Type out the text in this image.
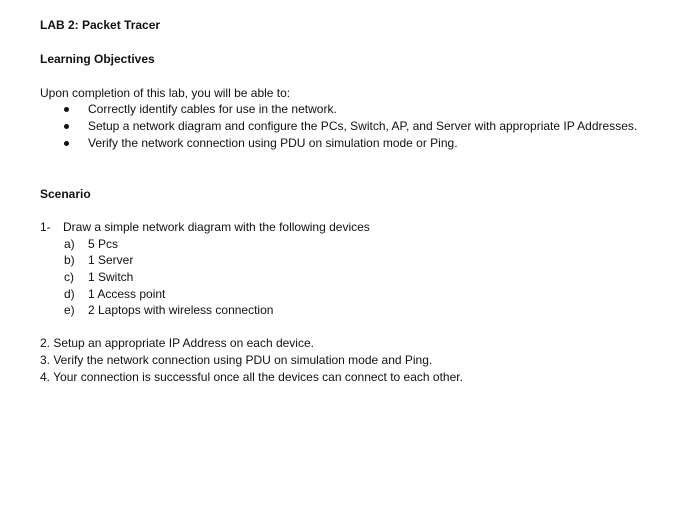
LAB 2: Packet Tracer
Learning Objectives
Upon completion of this lab, you will be able to:
Correctly identify cables for use in the network.
Setup a network diagram and configure the PCs, Switch, AP, and Server with appropriate IP Addresses.
Verify the network connection using PDU on simulation mode or Ping.
Scenario
1- Draw a simple network diagram with the following devices
a) 5 Pcs
b) 1 Server
c) 1 Switch
d) 1 Access point
e) 2 Laptops with wireless connection
2. Setup an appropriate IP Address on each device.
3. Verify the network connection using PDU on simulation mode and Ping.
4. Your connection is successful once all the devices can connect to each other.
